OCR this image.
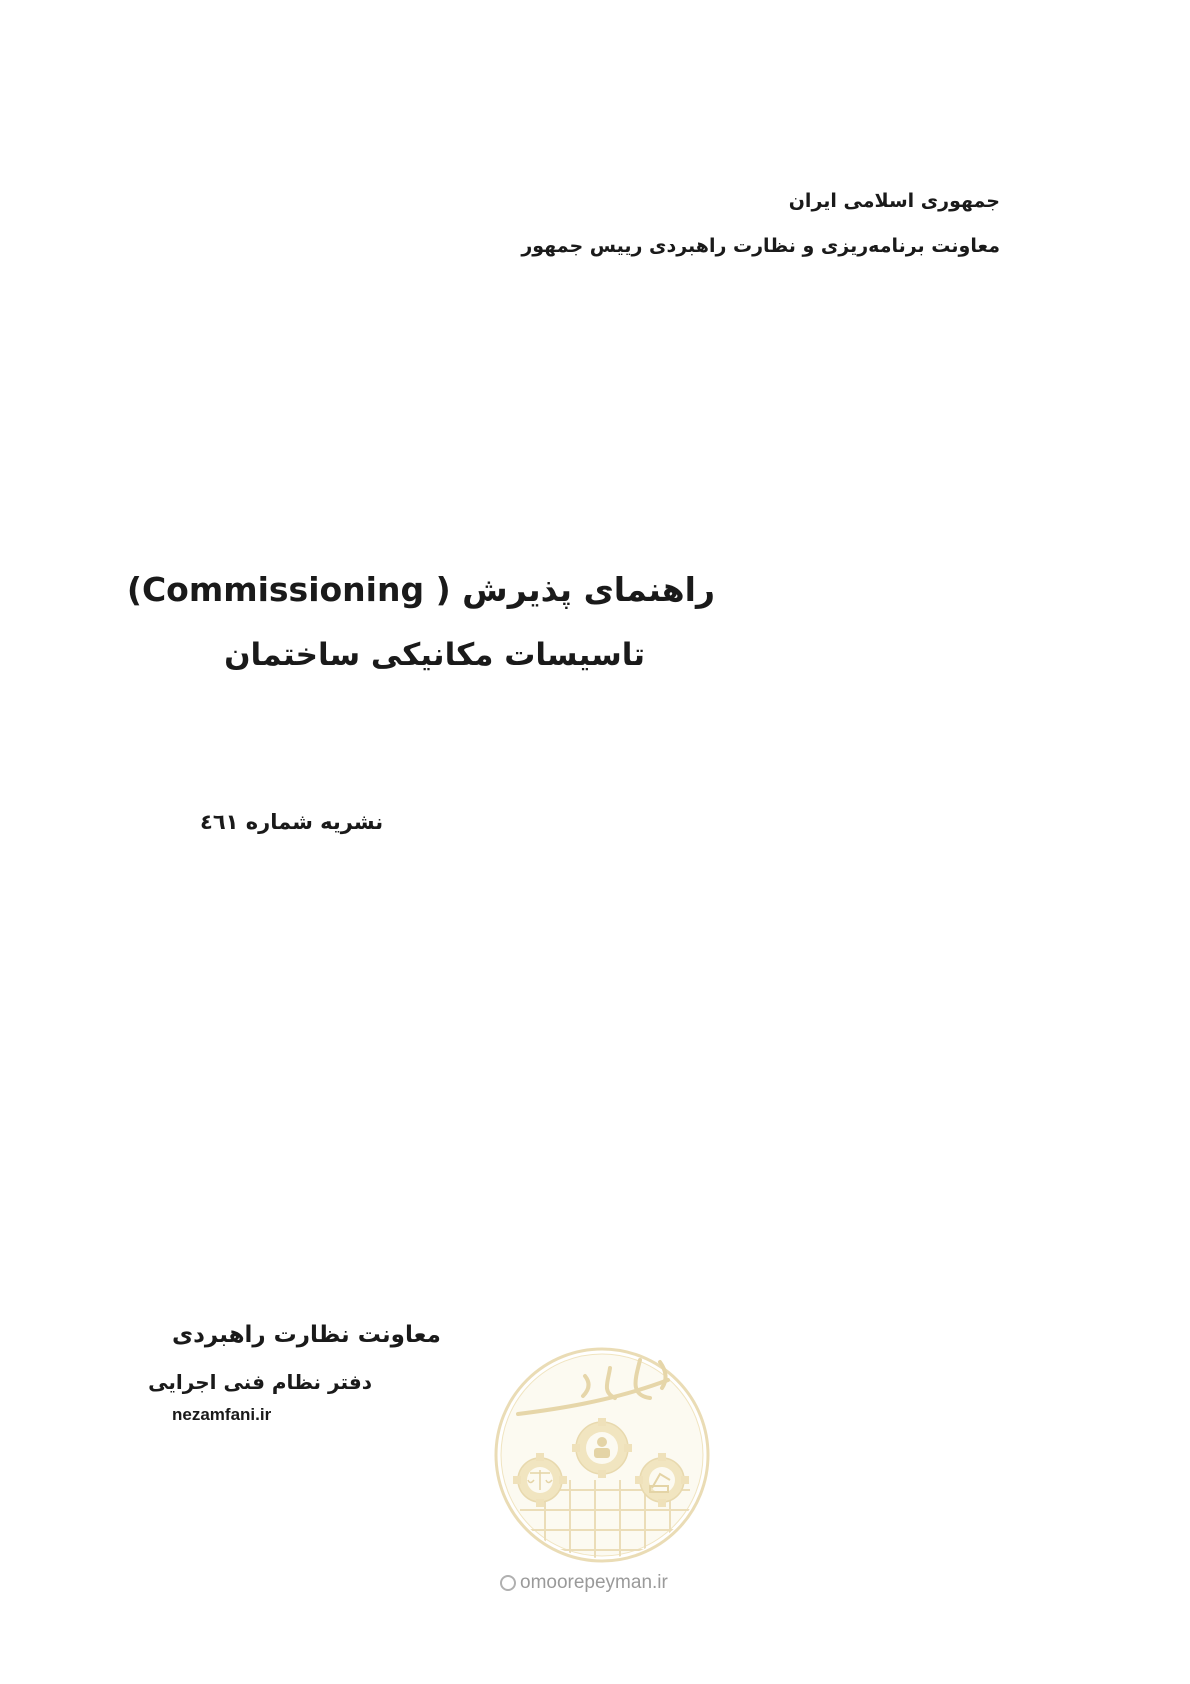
جمهوری اسلامی ایران
معاونت برنامه‌ریزی و نظارت راهبردی رییس جمهور
راهنمای پذیرش ( Commissioning)
تاسیسات مکانیکی ساختمان
نشریه شماره ٤٦١
معاونت نظارت راهبردی
دفتر نظام فنی اجرایی
nezamfani.ir
omoorepeyman.ir
